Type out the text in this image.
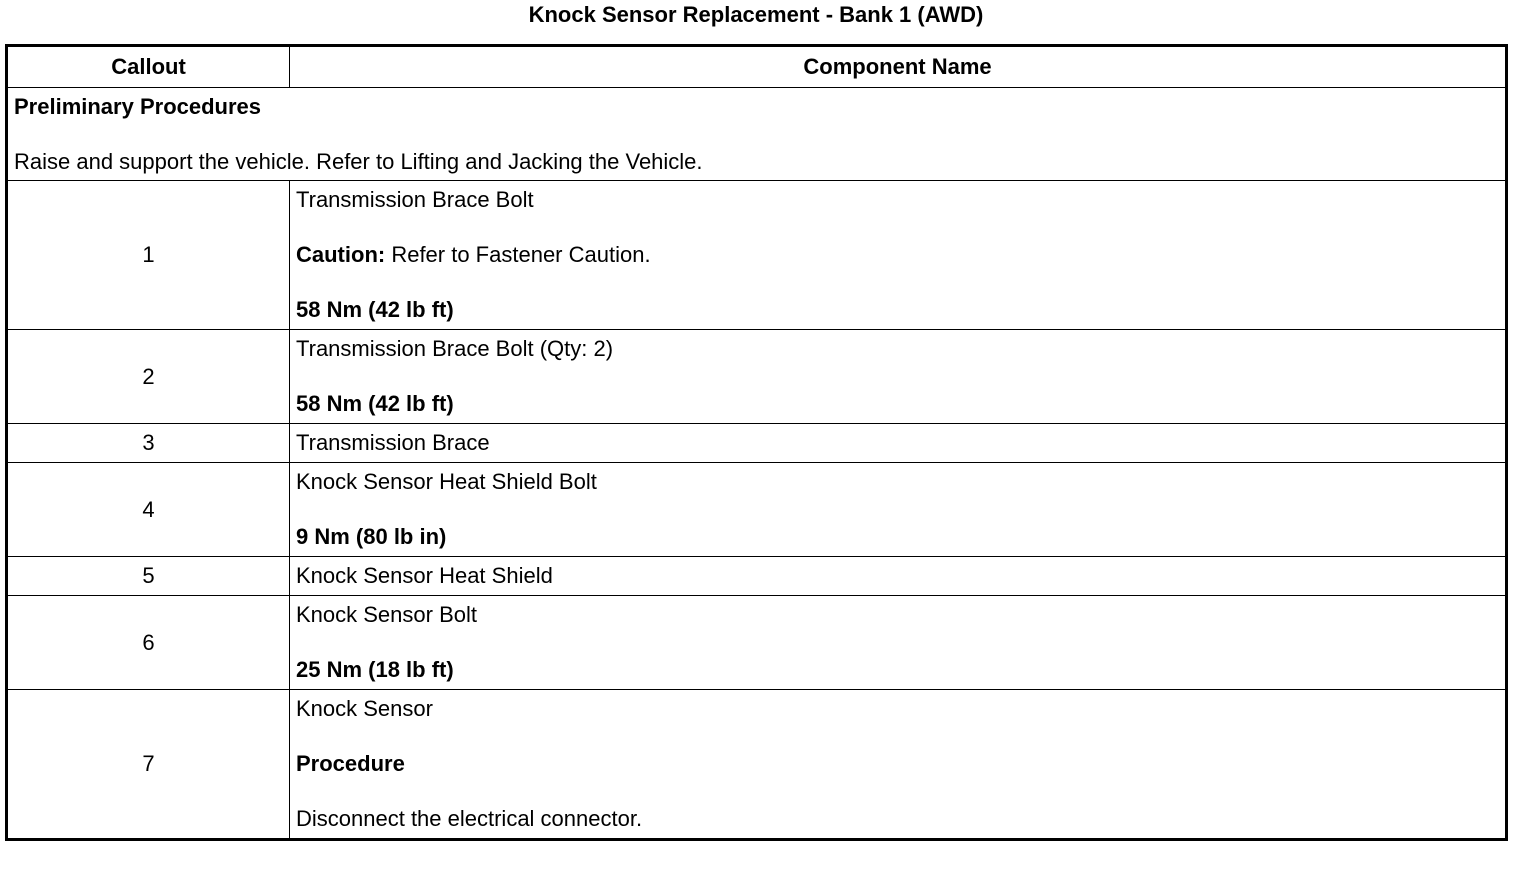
Knock Sensor Replacement - Bank 1 (AWD)
Callout	Component Name

Preliminary Procedures
Raise and support the vehicle. Refer to Lifting and Jacking the Vehicle.	

1	Transmission Brace Bolt
Caution: Refer to Fastener Caution.
58 Nm (42 lb ft)

2	Transmission Brace Bolt (Qty: 2)
58 Nm (42 lb ft)

3	Transmission Brace

4	Knock Sensor Heat Shield Bolt
9 Nm (80 lb in)

5	Knock Sensor Heat Shield

6	Knock Sensor Bolt
25 Nm (18 lb ft)

7	Knock Sensor
Procedure
Disconnect the electrical connector.
